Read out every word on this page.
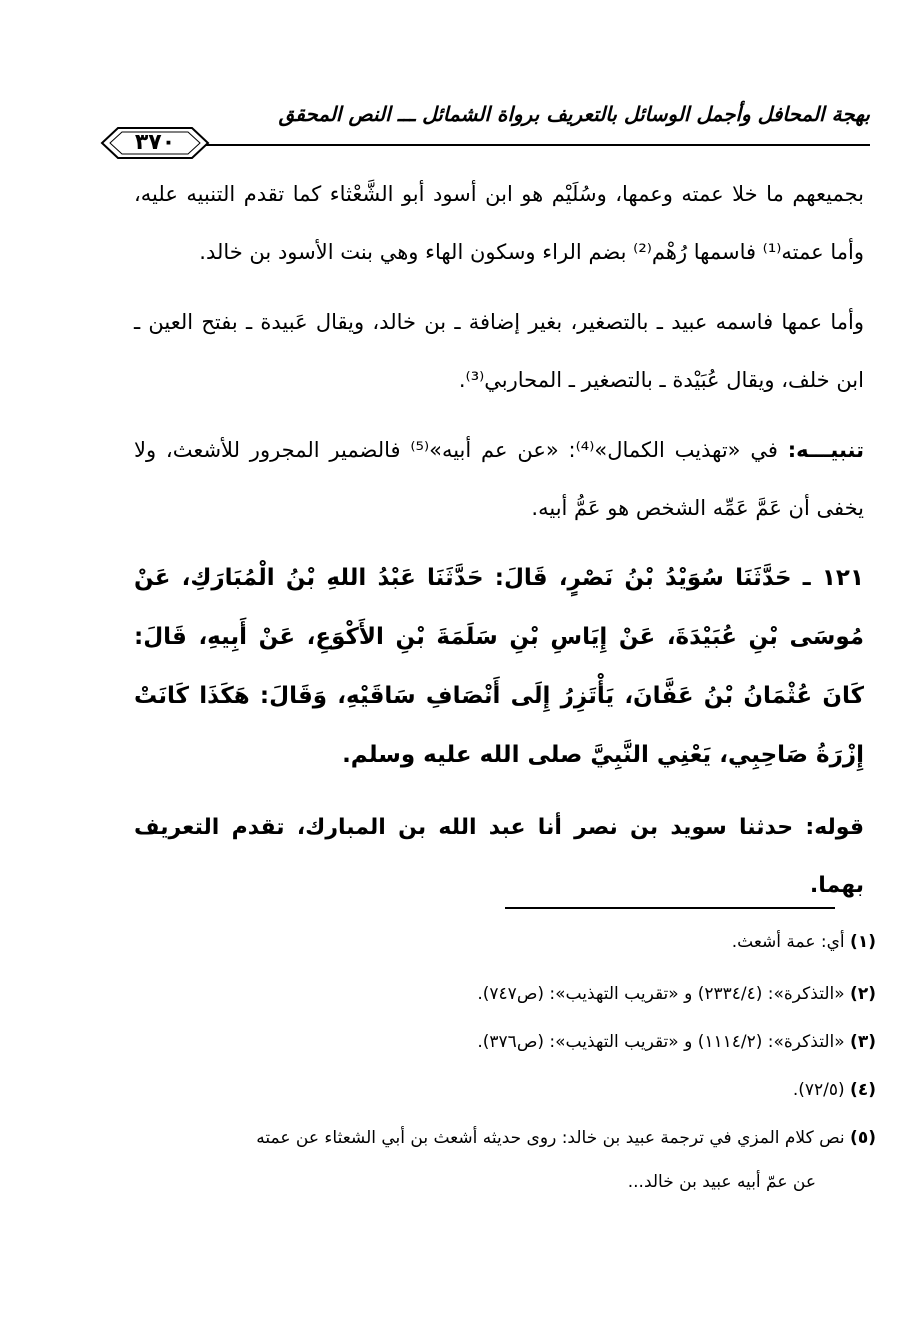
بهجة المحافل وأجمل الوسائل بالتعريف برواة الشمائل ـــ النص المحقق
٣٧٠

بجميعهم ما خلا عمته وعمها، وسُلَيْم هو ابن أسود أبو الشَّعْثاء كما تقدم التنبيه عليه، وأما عمته⁽¹⁾ فاسمها رُهْم⁽²⁾ بضم الراء وسكون الهاء وهي بنت الأسود بن خالد.

وأما عمها فاسمه عبيد ـ بالتصغير، بغير إضافة ـ بن خالد، ويقال عَبيدة ـ بفتح العين ـ ابن خلف، ويقال عُبَيْدة ـ بالتصغير ـ المحاربي⁽³⁾.

تنبيـــه: في «تهذيب الكمال»⁽⁴⁾: «عن عم أبيه»⁽⁵⁾ فالضمير المجرور للأشعث، ولا يخفى أن عَمَّ عَمِّه الشخص هو عَمُّ أبيه.

١٢١ ـ حَدَّثَنَا سُوَيْدُ بْنُ نَصْرٍ، قَالَ: حَدَّثَنَا عَبْدُ اللهِ بْنُ الْمُبَارَكِ، عَنْ مُوسَى بْنِ عُبَيْدَةَ، عَنْ إِيَاسِ بْنِ سَلَمَةَ بْنِ الأَكْوَعِ، عَنْ أَبِيهِ، قَالَ: كَانَ عُثْمَانُ بْنُ عَفَّانَ، يَأْتَزِرُ إِلَى أَنْصَافِ سَاقَيْهِ، وَقَالَ: هَكَذَا كَانَتْ إِزْرَةُ صَاحِبِي، يَعْنِي النَّبِيَّ صلى الله عليه وسلم.

قوله: حدثنا سويد بن نصر أنا عبد الله بن المبارك، تقدم التعريف بهما.

(١) أي: عمة أشعث.

(٢) «التذكرة»: (٢٣٣٤/٤) و «تقريب التهذيب»: (ص٧٤٧).

(٣) «التذكرة»: (١١١٤/٢) و «تقريب التهذيب»: (ص٣٧٦).

(٤) (٧٢/٥).

(٥) نص كلام المزي في ترجمة عبيد بن خالد: روى حديثه أشعث بن أبي الشعثاء عن عمته

عن عمّ أبيه عبيد بن خالد...
